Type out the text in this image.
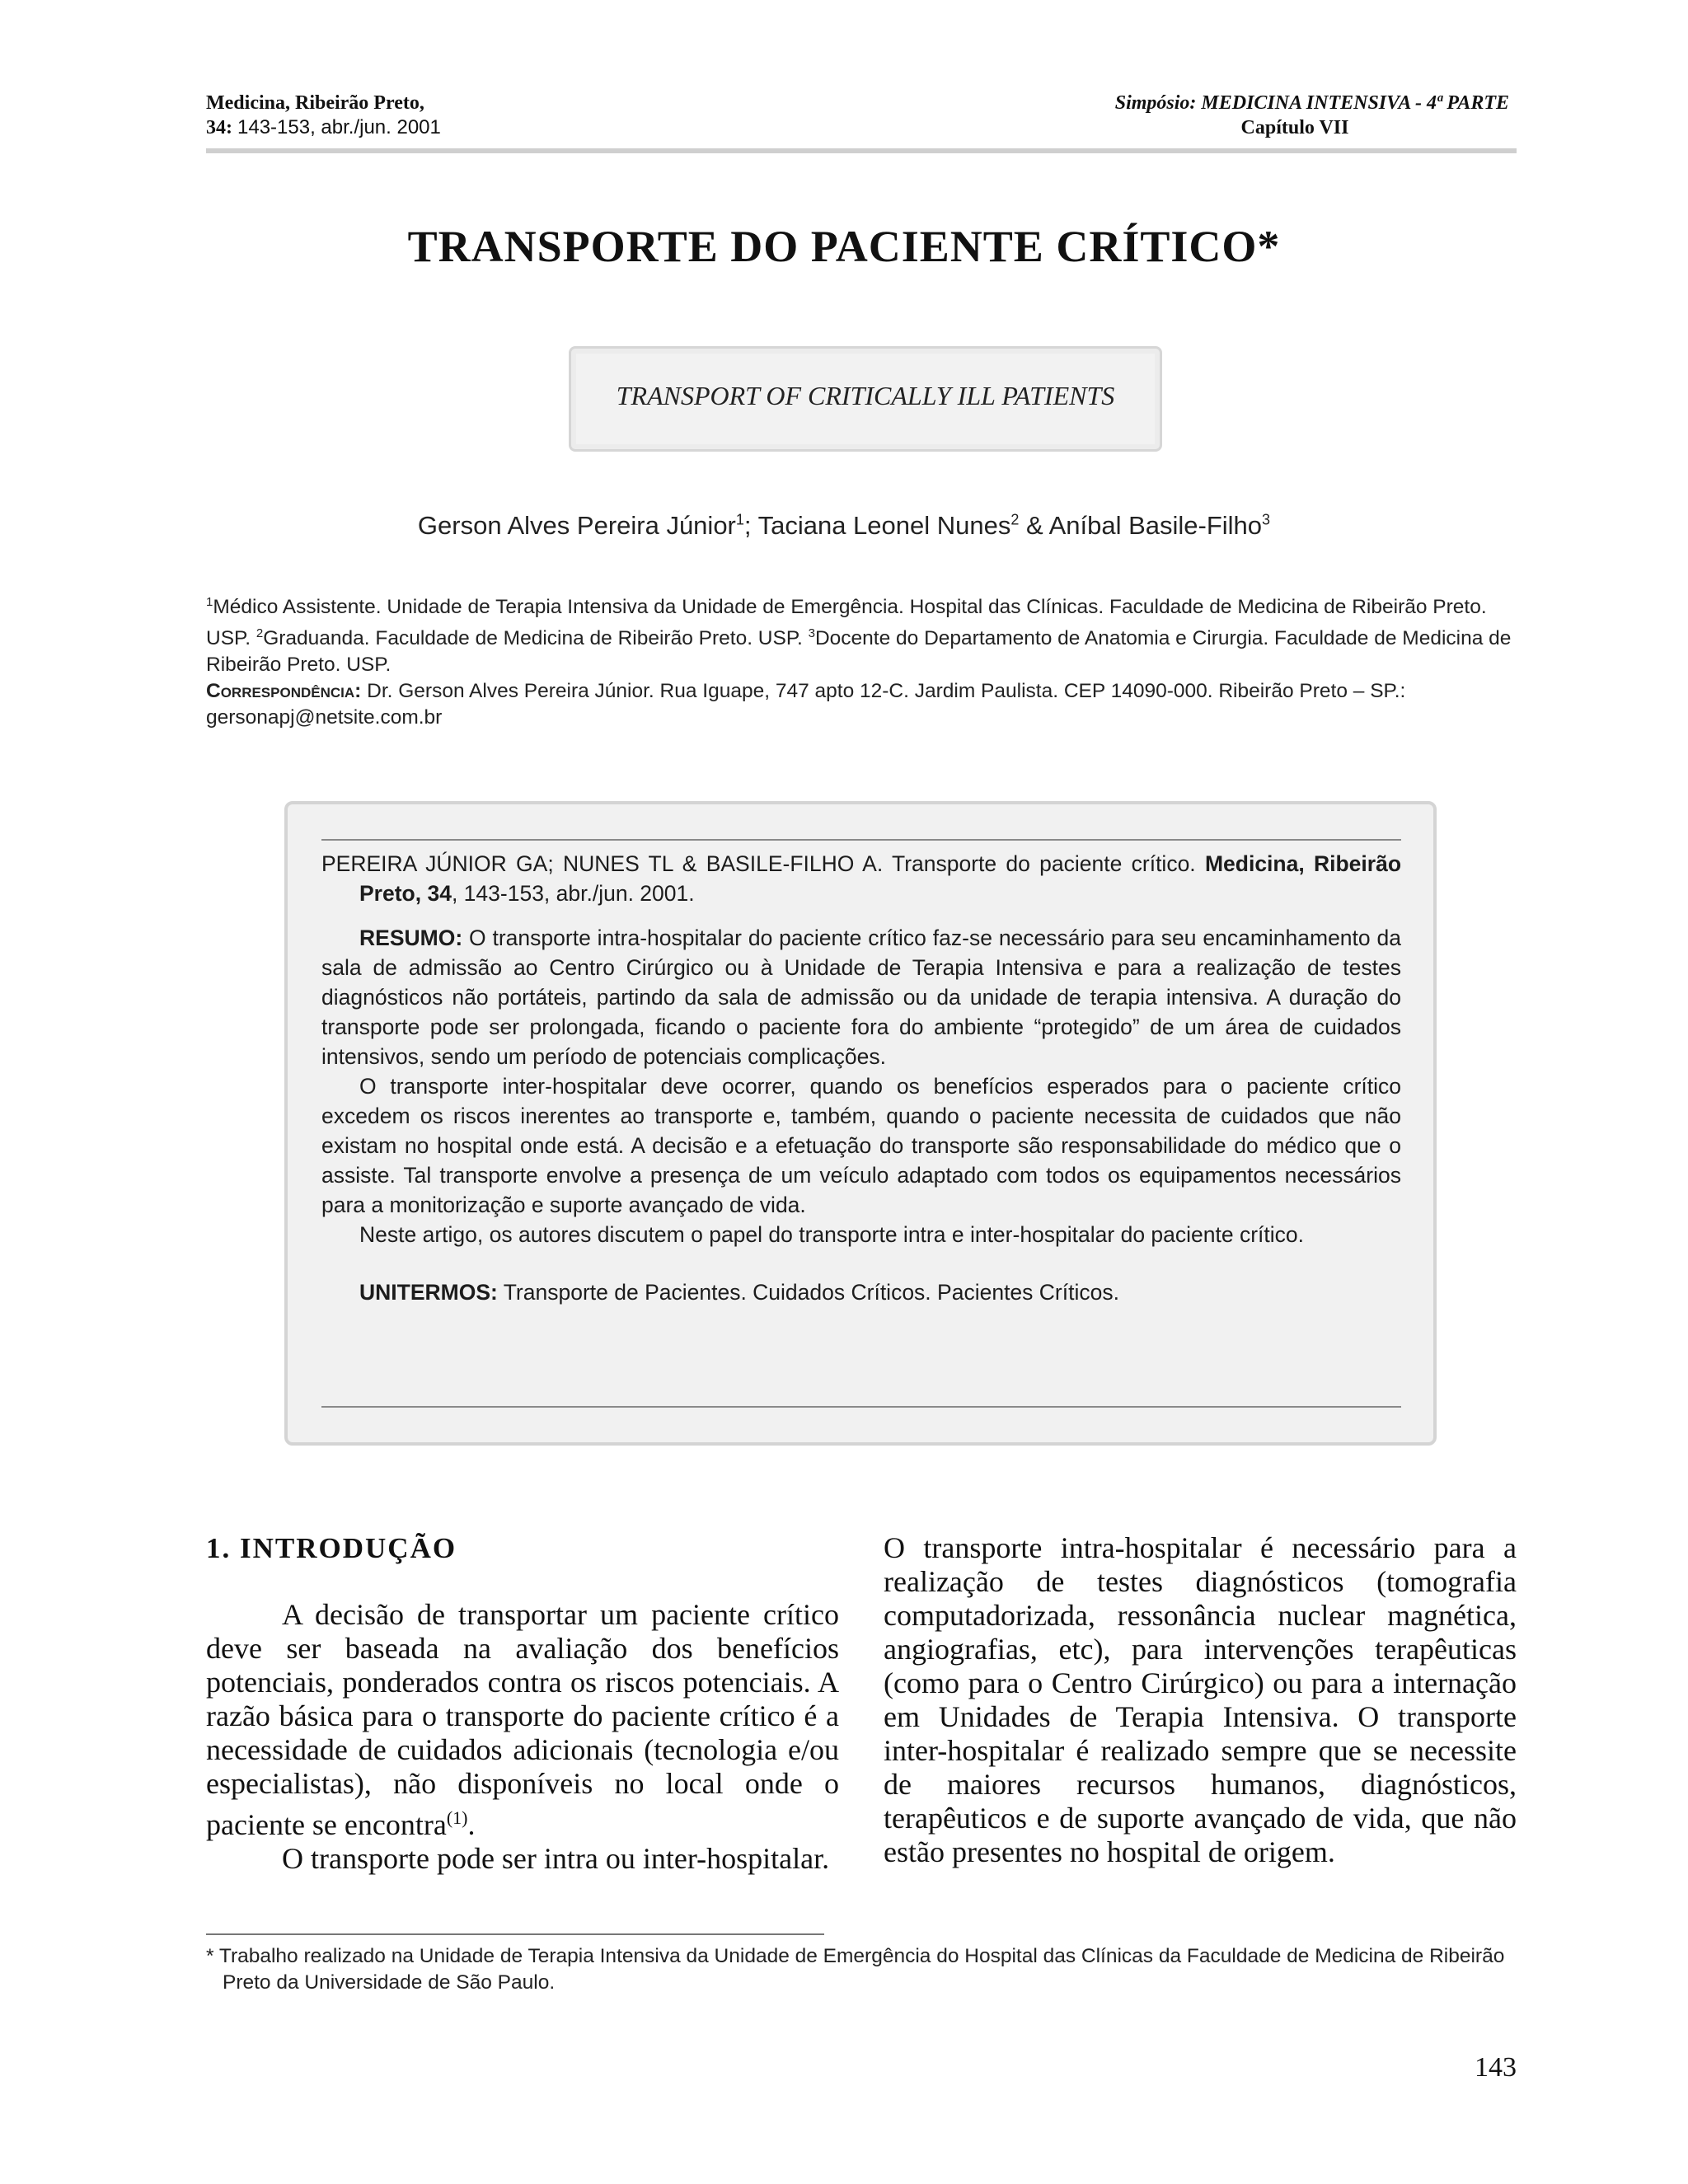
Medicina, Ribeirão Preto,
34: 143-153, abr./jun. 2001
Simpósio: MEDICINA INTENSIVA - 4ª PARTE
Capítulo VII
TRANSPORTE DO PACIENTE CRÍTICO*
TRANSPORT OF CRITICALLY ILL PATIENTS
Gerson Alves Pereira Júnior$^1$; Taciana Leonel Nunes$^2$ & Aníbal Basile-Filho$^3$
$^1$Médico Assistente. Unidade de Terapia Intensiva da Unidade de Emergência. Hospital das Clínicas. Faculdade de Medicina de Ribeirão Preto. USP. $^2$Graduanda. Faculdade de Medicina de Ribeirão Preto. USP. $^3$Docente do Departamento de Anatomia e Cirurgia. Faculdade de Medicina de Ribeirão Preto. USP.
Correspondência: Dr. Gerson Alves Pereira Júnior. Rua Iguape, 747 apto 12-C. Jardim Paulista. CEP 14090-000. Ribeirão Preto – SP.: gersonapj@netsite.com.br

PEREIRA JÚNIOR GA; NUNES TL & BASILE-FILHO A. Transporte do paciente crítico. Medicina, Ribeirão Preto, 34, 143-153, abr./jun. 2001.

RESUMO: O transporte intra-hospitalar do paciente crítico faz-se necessário para seu encaminhamento da sala de admissão ao Centro Cirúrgico ou à Unidade de Terapia Intensiva e para a realização de testes diagnósticos não portáteis, partindo da sala de admissão ou da unidade de terapia intensiva. A duração do transporte pode ser prolongada, ficando o paciente fora do ambiente “protegido” de um área de cuidados intensivos, sendo um período de potenciais complicações.

O transporte inter-hospitalar deve ocorrer, quando os benefícios esperados para o paciente crítico excedem os riscos inerentes ao transporte e, também, quando o paciente necessita de cuidados que não existam no hospital onde está. A decisão e a efetuação do transporte são responsabilidade do médico que o assiste. Tal transporte envolve a presença de um veículo adaptado com todos os equipamentos necessários para a monitorização e suporte avançado de vida.

Neste artigo, os autores discutem o papel do transporte intra e inter-hospitalar do paciente crítico.

UNITERMOS: Transporte de Pacientes. Cuidados Críticos. Pacientes Críticos.

1. INTRODUÇÃO

A decisão de transportar um paciente crítico deve ser baseada na avaliação dos benefícios potenciais, ponderados contra os riscos potenciais. A razão básica para o transporte do paciente crítico é a necessidade de cuidados adicionais (tecnologia e/ou especialistas), não disponíveis no local onde o paciente se encontra$^{(1)}$.

O transporte pode ser intra ou inter-hospitalar.

O transporte intra-hospitalar é necessário para a realização de testes diagnósticos (tomografia computadorizada, ressonância nuclear magnética, angiografias, etc), para intervenções terapêuticas (como para o Centro Cirúrgico) ou para a internação em Unidades de Terapia Intensiva. O transporte inter-hospitalar é realizado sempre que se necessite de maiores recursos humanos, diagnósticos, terapêuticos e de suporte avançado de vida, que não estão presentes no hospital de origem.

* Trabalho realizado na Unidade de Terapia Intensiva da Unidade de Emergência do Hospital das Clínicas da Faculdade de Medicina de Ribeirão Preto da Universidade de São Paulo.
143
